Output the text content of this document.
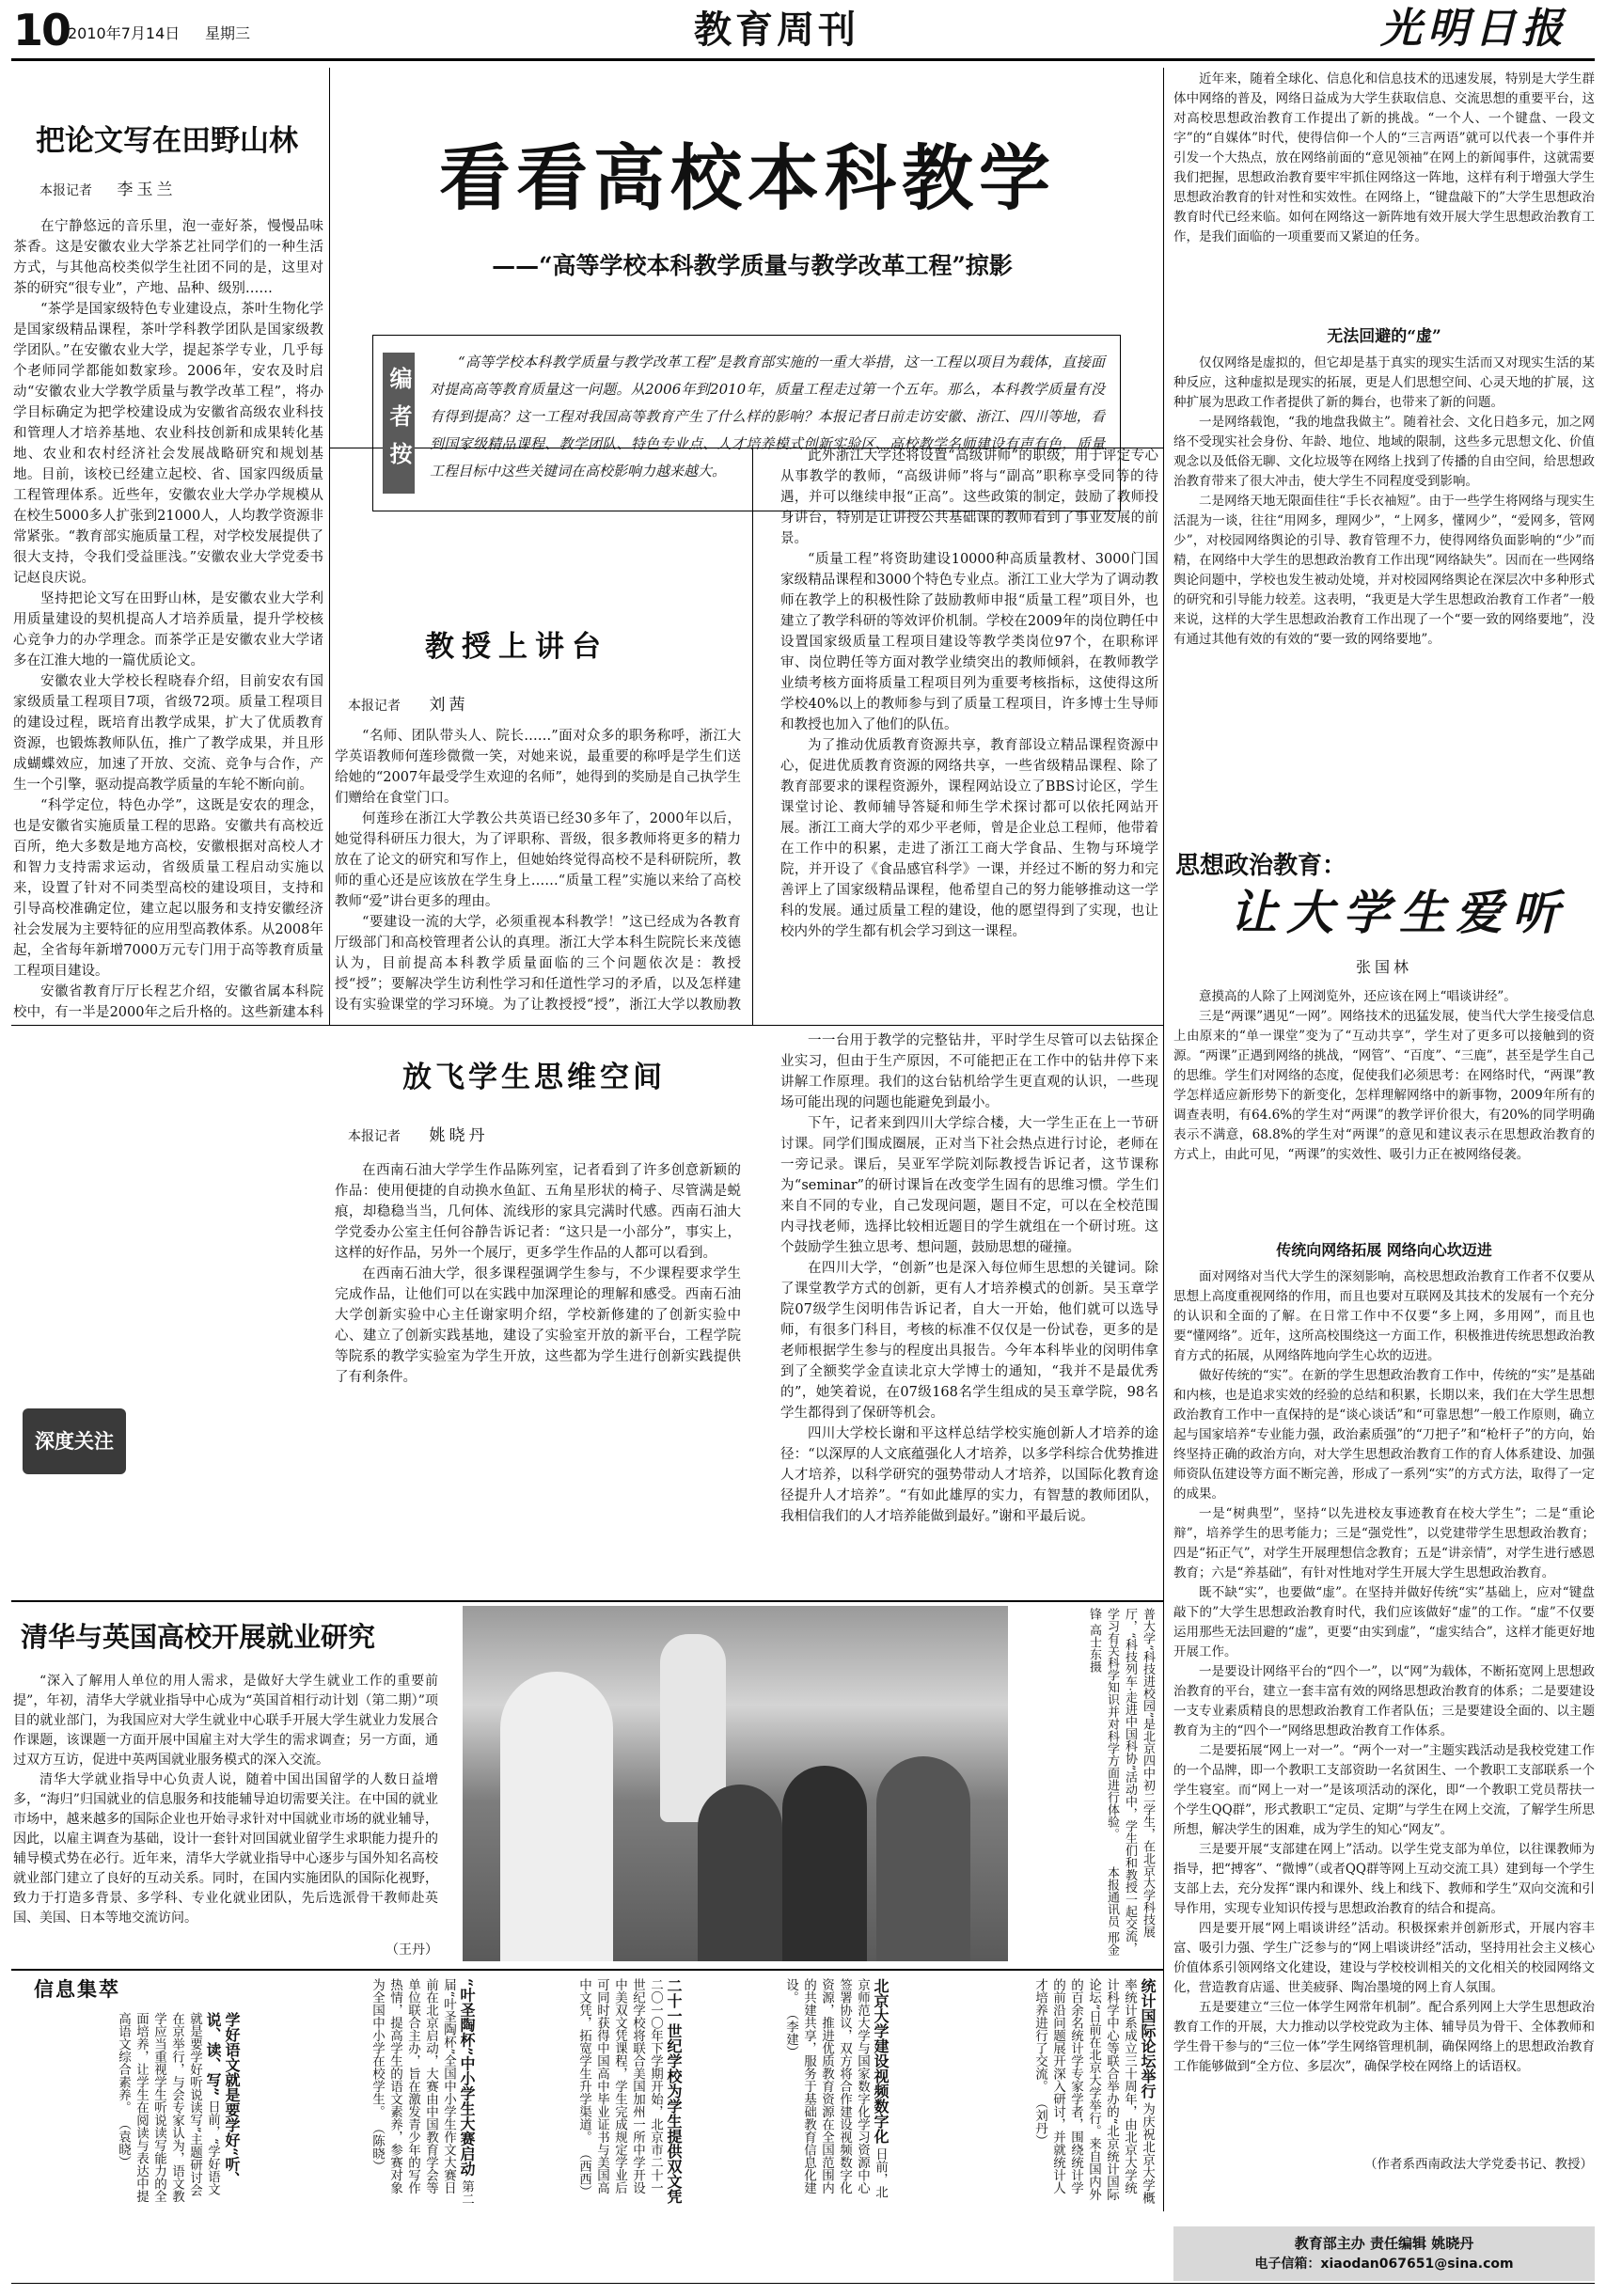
10
2010年7月14日 星期三	教育周刊	光明日报
把论文写在田野山林
本报记者 李玉兰

在宁静悠远的音乐里，泡一壶好茶，慢慢品味茶香。这是安徽农业大学茶艺社同学们的一种生活方式，与其他高校类似学生社团不同的是，这里对茶的研究“很专业”，产地、品种、级别……

“茶学是国家级特色专业建设点，茶叶生物化学是国家级精品课程，茶叶学科教学团队是国家级教学团队。”在安徽农业大学，提起茶学专业，几乎每个老师同学都能如数家珍。2006年，安农及时启动“安徽农业大学教学质量与教学改革工程”，将办学目标确定为把学校建设成为安徽省高级农业科技和管理人才培养基地、农业科技创新和成果转化基地、农业和农村经济社会发展战略研究和规划基地。目前，该校已经建立起校、省、国家四级质量工程管理体系。近些年，安徽农业大学办学规模从在校生5000多人扩张到21000人，人均教学资源非常紧张。“教育部实施质量工程，对学校发展提供了很大支持，令我们受益匪浅。”安徽农业大学党委书记赵良庆说。

坚持把论文写在田野山林，是安徽农业大学利用质量建设的契机提高人才培养质量，提升学校核心竞争力的办学理念。而茶学正是安徽农业大学诸多在江淮大地的一篇优质论文。

安徽农业大学校长程晓春介绍，目前安农有国家级质量工程项目7项，省级72项。质量工程项目的建设过程，既培育出教学成果，扩大了优质教育资源，也锻炼教师队伍，推广了教学成果，并且形成蝴蝶效应，加速了开放、交流、竞争与合作，产生一个引擎，驱动提高教学质量的车轮不断向前。

“科学定位，特色办学”，这既是安农的理念，也是安徽省实施质量工程的思路。安徽共有高校近百所，绝大多数是地方高校，安徽根据对高校人才和智力支持需求运动，省级质量工程启动实施以来，设置了针对不同类型高校的建设项目，支持和引导高校准确定位，建立起以服务和支持安徽经济社会发展为主要特征的应用型高教体系。从2008年起，全省每年新增7000万元专门用于高等教育质量工程项目建设。

安徽省教育厅厅长程艺介绍，安徽省属本科院校中，有一半是2000年之后升格的。这些新建本科

看看高校本科教学
——“高等学校本科教学质量与教学改革工程”掠影
编者按
“高等学校本科教学质量与教学改革工程”是教育部实施的一重大举措，这一工程以项目为载体，直接面对提高高等教育质量这一问题。从2006年到2010年，质量工程走过第一个五年。那么，本科教学质量有没有得到提高？这一工程对我国高等教育产生了什么样的影响？本报记者日前走访安徽、浙江、四川等地，看到国家级精品课程、教学团队、特色专业点、人才培养模式创新实验区、高校教学名师建设有声有色，质量工程目标中这些关键词在高校影响力越来越大。
教授上讲台
本报记者 刘茜

“名师、团队带头人、院长……”面对众多的职务称呼，浙江大学英语教师何莲珍微微一笑，对她来说，最重要的称呼是学生们送给她的“2007年最受学生欢迎的名师”，她得到的奖励是自己执学生们赠给在食堂门口。

何莲珍在浙江大学教公共英语已经30多年了，2000年以后，她觉得科研压力很大，为了评职称、晋级，很多教师将更多的精力放在了论文的研究和写作上，但她始终觉得高校不是科研院所，教师的重心还是应该放在学生身上……“质量工程”实施以来给了高校教师“爱”讲台更多的理由。

“要建设一流的大学，必须重视本科教学！”这已经成为各教育厅级部门和高校管理者公认的真理。浙江大学本科生院院长来茂德认为，目前提高本科教学质量面临的三个问题依次是：教授授“授”；要解决学生访利性学习和任道性学习的矛盾，以及怎样建设有实验课堂的学习环境。为了让教授授“授”，浙江大学以教励教

此外浙江大学还将设置“高级讲师”的职级，用于评定专心从事教学的教师，“高级讲师”将与“副高”职称享受同等的待遇，并可以继续申报“正高”。这些政策的制定，鼓励了教师投身讲台，特别是让讲授公共基础课的教师看到了事业发展的前景。

“质量工程”将资助建设10000种高质量教材、3000门国家级精品课程和3000个特色专业点。浙江工业大学为了调动教师在教学上的积极性除了鼓励教师申报“质量工程”项目外，也建立了教学科研的等效评价机制。学校在2009年的岗位聘任中设置国家级质量工程项目建设等教学类岗位97个，在职称评审、岗位聘任等方面对教学业绩突出的教师倾斜，在教师教学业绩考核方面将质量工程项目列为重要考核指标，这使得这所学校40%以上的教师参与到了质量工程项目，许多博士生导师和教授也加入了他们的队伍。

为了推动优质教育资源共享，教育部设立精品课程资源中心，促进优质教育资源的网络共享，一些省级精品课程、除了教育部要求的课程资源外，课程网站设立了BBS讨论区，学生课堂讨论、教师辅导答疑和师生学术探讨都可以依托网站开展。浙江工商大学的邓少平老师，曾是企业总工程师，他带着在工作中的积累，走进了浙江工商大学食品、生物与环境学院，并开设了《食品感官科学》一课，并经过不断的努力和完善评上了国家级精品课程，他希望自己的努力能够推动这一学科的发展。通过质量工程的建设，他的愿望得到了实现，也让校内外的学生都有机会学习到这一课程。

放飞学生思维空间
本报记者 姚晓丹

在西南石油大学学生作品陈列室，记者看到了许多创意新颖的作品：使用便捷的自动换水鱼缸、五角星形状的椅子、尽管满是蜕痕，却稳稳当当，几何体、流线形的家具完满时代感。西南石油大学党委办公室主任何谷静告诉记者：“这只是一小部分”，事实上，这样的好作品，另外一个展厅，更多学生作品的人都可以看到。

在西南石油大学，很多课程强调学生参与，不少课程要求学生完成作品，让他们可以在实践中加深理论的理解和感受。西南石油大学创新实验中心主任谢家明介绍，学校新修建的了创新实验中心、建立了创新实践基地，建设了实验室开放的新平台，工程学院等院系的教学实验室为学生开放，这些都为学生进行创新实践提供了有利条件。

一一台用于教学的完整钻井，平时学生尽管可以去钻探企业实习，但由于生产原因，不可能把正在工作中的钻井停下来讲解工作原理。我们的这台钻机给学生更直观的认识，一些现场可能出现的问题也能避免到最小。

下午，记者来到四川大学综合楼，大一学生正在上一节研讨课。同学们围成圈展，正对当下社会热点进行讨论，老师在一旁记录。课后，吴亚军学院刘际教授告诉记者，这节课称为“seminar”的研讨课旨在改变学生固有的思维习惯。学生们来自不同的专业，自己发现问题，题目不定，可以在全校范围内寻找老师，选择比较相近题目的学生就组在一个研讨班。这个鼓励学生独立思考、想问题，鼓励思想的碰撞。

在四川大学，“创新”也是深入每位师生思想的关键词。除了课堂教学方式的创新，更有人才培养模式的创新。吴玉章学院07级学生闵明伟告诉记者，自大一开始，他们就可以选导师，有很多门科目，考核的标准不仅仅是一份试卷，更多的是老师根据学生参与的程度出具报告。今年本科毕业的闵明伟拿到了全额奖学金直读北京大学博士的通知，“我并不是最优秀的”，她笑着说，在07级168名学生组成的吴玉章学院，98名学生都得到了保研等机会。

四川大学校长谢和平这样总结学校实施创新人才培养的途径：“以深厚的人文底蕴强化人才培养，以多学科综合优势推进人才培养，以科学研究的强势带动人才培养，以国际化教育途径提升人才培养”。“有如此雄厚的实力，有智慧的教师团队，我相信我们的人才培养能做到最好。”谢和平最后说。

深度关注

近年来，随着全球化、信息化和信息技术的迅速发展，特别是大学生群体中网络的普及，网络日益成为大学生获取信息、交流思想的重要平台，这对高校思想政治教育工作提出了新的挑战。“一个人、一个键盘、一段文字”的“自媒体”时代，使得信仰一个人的“三言两语”就可以代表一个事件并引发一个大热点，放在网络前面的“意见领袖”在网上的新闻事件，这就需要我们把握，思想政治教育要牢牢抓住网络这一阵地，这样有利于增强大学生思想政治教育的针对性和实效性。在网络上，“键盘敲下的”大学生思想政治教育时代已经来临。如何在网络这一新阵地有效开展大学生思想政治教育工作，是我们面临的一项重要而又紧迫的任务。

无法回避的“虚”

仅仅网络是虚拟的，但它却是基于真实的现实生活而又对现实生活的某种反应，这种虚拟是现实的拓展，更是人们思想空间、心灵天地的扩展，这种扩展为思政工作者提供了新的舞台，也带来了新的问题。

一是网络载饱，“我的地盘我做主”。随着社会、文化日趋多元，加之网络不受现实社会身份、年龄、地位、地域的限制，这些多元思想文化、价值观念以及低俗无聊、文化垃圾等在网络上找到了传播的自由空间，给思想政治教育带来了很大冲击，使大学生不同程度受到影响。

二是网络天地无限面佳往“手长衣袖短”。由于一些学生将网络与现实生活混为一谈，往往“用网多，理网少”，“上网多，懂网少”，“爱网多，管网少”，对校园网络舆论的引导、教育管理不力，使得网络负面影响的“少”而精，在网络中大学生的思想政治教育工作出现“网络缺失”。因而在一些网络舆论问题中，学校也发生被动处境，并对校园网络舆论在深层次中多种形式的研究和引导能力较差。这表明，“我更是大学生思想政治教育工作者”一般来说，这样的大学生思想政治教育工作出现了一个“要一致的网络要地”，没有通过其他有效的有效的“要一致的网络要地”。

思想政治教育：
让大学生爱听
张国林

意摸高的人除了上网浏览外，还应该在网上“唱谈讲经”。

三是“两课”遇见“一网”。网络技术的迅猛发展，使当代大学生接受信息上由原来的“单一课堂”变为了“互动共享”，学生对了更多可以接触到的资源。“两课”正遇到网络的挑战，“网管”、“百度”、“三鹿”，甚至是学生自己的思维。学生们对网络的态度，促使我们必须思考：在网络时代，“两课”教学怎样适应新形势下的新变化，怎样理解网络中的新事物，2009年所有的调查表明，有64.6%的学生对“两课”的教学评价很大，有20%的同学明确表示不满意，68.8%的学生对“两课”的意见和建议表示在思想政治教育的方式上，由此可见，“两课”的实效性、吸引力正在被网络侵袭。

传统向网络拓展 网络向心坎迈进

面对网络对当代大学生的深刻影响，高校思想政治教育工作者不仅要从思想上高度重视网络的作用，而且也要对互联网及其技术的发展有一个充分的认识和全面的了解。在日常工作中不仅要“多上网，多用网”，而且也要“懂网络”。近年，这所高校围绕这一方面工作，积极推进传统思想政治教育方式的拓展，从网络阵地向学生心坎的迈进。

做好传统的“实”。在新的学生思想政治教育工作中，传统的“实”是基础和内核，也是追求实效的经验的总结和积累，长期以来，我们在大学生思想政治教育工作中一直保持的是“谈心谈话”和“可靠思想”一般工作原则，确立起与国家培养“专业能力强，政治素质强”的“刀把子”和“枪杆子”的方向，始终坚持正确的政治方向，对大学生思想政治教育工作的育人体系建设、加强师资队伍建设等方面不断完善，形成了一系列“实”的方式方法，取得了一定的成果。

一是“树典型”，坚持“以先进校友事迹教育在校大学生”；二是“重论辩”，培养学生的思考能力；三是“强党性”，以党建带学生思想政治教育；四是“拓正气”，对学生开展理想信念教育；五是“讲亲情”，对学生进行感恩教育；六是“养基础”，有针对性地对学生开展大学生思想政治教育。

既不缺“实”，也要做“虚”。在坚持并做好传统“实”基础上，应对“键盘敲下的”大学生思想政治教育时代，我们应该做好“虚”的工作。“虚”不仅要运用那些无法回避的“虚”，更要“由实到虚”，“虚实结合”，这样才能更好地开展工作。

一是要设计网络平台的“四个一”，以“网”为载体，不断拓宽网上思想政治教育的平台，建立一套丰富有效的网络思想政治教育的体系；二是要建设一支专业素质精良的思想政治教育工作者队伍；三是要建设全面的、以主题教育为主的“四个一”网络思想政治教育工作体系。

二是要拓展“网上一对一”。“两个一对一”主题实践活动是我校党建工作的一个品牌，即一个教职工支部资助一名贫困生、一个教职工支部联系一个学生寝室。而“网上一对一”是该项活动的深化，即“一个教职工党员帮扶一个学生QQ群”，形式教职工“定员、定期”与学生在网上交流，了解学生所思所想，解决学生的困难，成为学生的知心“网友”。

三是要开展“支部建在网上”活动。以学生党支部为单位，以往课教师为指导，把“搏客”、“微博”（或者QQ群等网上互动交流工具）建到每一个学生支部上去，充分发挥“课内和课外、线上和线下、教师和学生”双向交流和引导作用，实现专业知识传授与思想政治教育的结合和提高。

四是要开展“网上唱谈讲经”活动。积极探索并创新形式，开展内容丰富、吸引力强、学生广泛参与的“网上唱谈讲经”活动，坚持用社会主义核心价值体系引领网络文化建设，建设与学校校训相关的文化相关的校园网络文化，营造教育店遥、世美疲驿、陶冶墨境的网上育人氛围。

五是要建立“三位一体学生网常年机制”。配合系列网上大学生思想政治教育工作的开展，大力推动以学校党政为主体、辅导员为骨干、全体教师和学生骨干参与的“三位一体”学生网络管理机制，确保网络上的思想政治教育工作能够做到“全方位、多层次”，确保学校在网络上的话语权。

（作者系西南政法大学党委书记、教授）
清华与英国高校开展就业研究

“深入了解用人单位的用人需求，是做好大学生就业工作的重要前提”，年初，清华大学就业指导中心成为“英国首相行动计划（第二期）”项目的就业部门，为我国应对大学生就业中心联手开展大学生就业力发展合作课题，该课题一方面开展中国雇主对大学生的需求调查；另一方面，通过双方互访，促进中英两国就业服务模式的深入交流。

清华大学就业指导中心负责人说，随着中国出国留学的人数日益增多，“海归”归国就业的信息服务和技能辅导迫切需要关注。在中国的就业市场中，越来越多的国际企业也开始寻求针对中国就业市场的就业辅导，因此，以雇主调查为基础，设计一套针对回国就业留学生求职能力提升的辅导模式势在必行。近年来，清华大学就业指导中心逐步与国外知名高校就业部门建立了良好的互动关系。同时，在国内实施团队的国际化视野，致力于打造多背景、多学科、专业化就业团队，先后选派骨干教师赴英国、美国、日本等地交流访问。

（王丹）
普大学“科技进校园”是北京四中初二学生，在北京大学科技展厅，“科技列车·走进中国科协”活动中，学生们和教授一起交流，学习有关科学知识并对科学方面进行体验。 本报通讯员 邢金锋 高士东摄
信息集萃	统计国际论坛举行 为庆祝北京大学概率统计系成立三十周年，由北京大学统计科学中心等联合举办的“北京统计国际论坛”日前在北京大学举行。来自国内外的百余名统计学专家学者，围绕统计学的前沿问题展开深入研讨，并就统计人才培养进行了交流。 （刘丹）
北京大学建设视频数字化 日前，北京师范大学与国家数字化学习资源中心签署协议，双方将合作建设视频数字化资源，推进优质教育资源在全国范围内的共建共享，服务于基础教育信息化建设。 （李建）
二十一世纪学校为学生提供双文凭 二〇一〇年下学期开始，北京市二十一世纪学校将联合美国加州一所中学开设中美双文凭课程，学生完成规定学业后可同时获得中国高中毕业证书与美国高中文凭，拓宽学生升学渠道。 （西西）
“叶圣陶杯”中小学生大赛启动 第二届“叶圣陶杯”全国中小学生作文大赛日前在北京启动，大赛由中国教育学会等单位联合主办，旨在激发青少年的写作热情，提高学生的语文素养，参赛对象为全国中小学在校学生。 （陈晓）
学好语文就是要学好“听、说、读、写” 日前，“学好语文就是要学好听说读写”主题研讨会在京举行，与会专家认为，语文教学应当重视学生听说读写能力的全面培养，让学生在阅读与表达中提高语文综合素养。 （袁晓）
教育部主办 责任编辑 姚晓丹
电子信箱：xiaodan067651@sina.com
